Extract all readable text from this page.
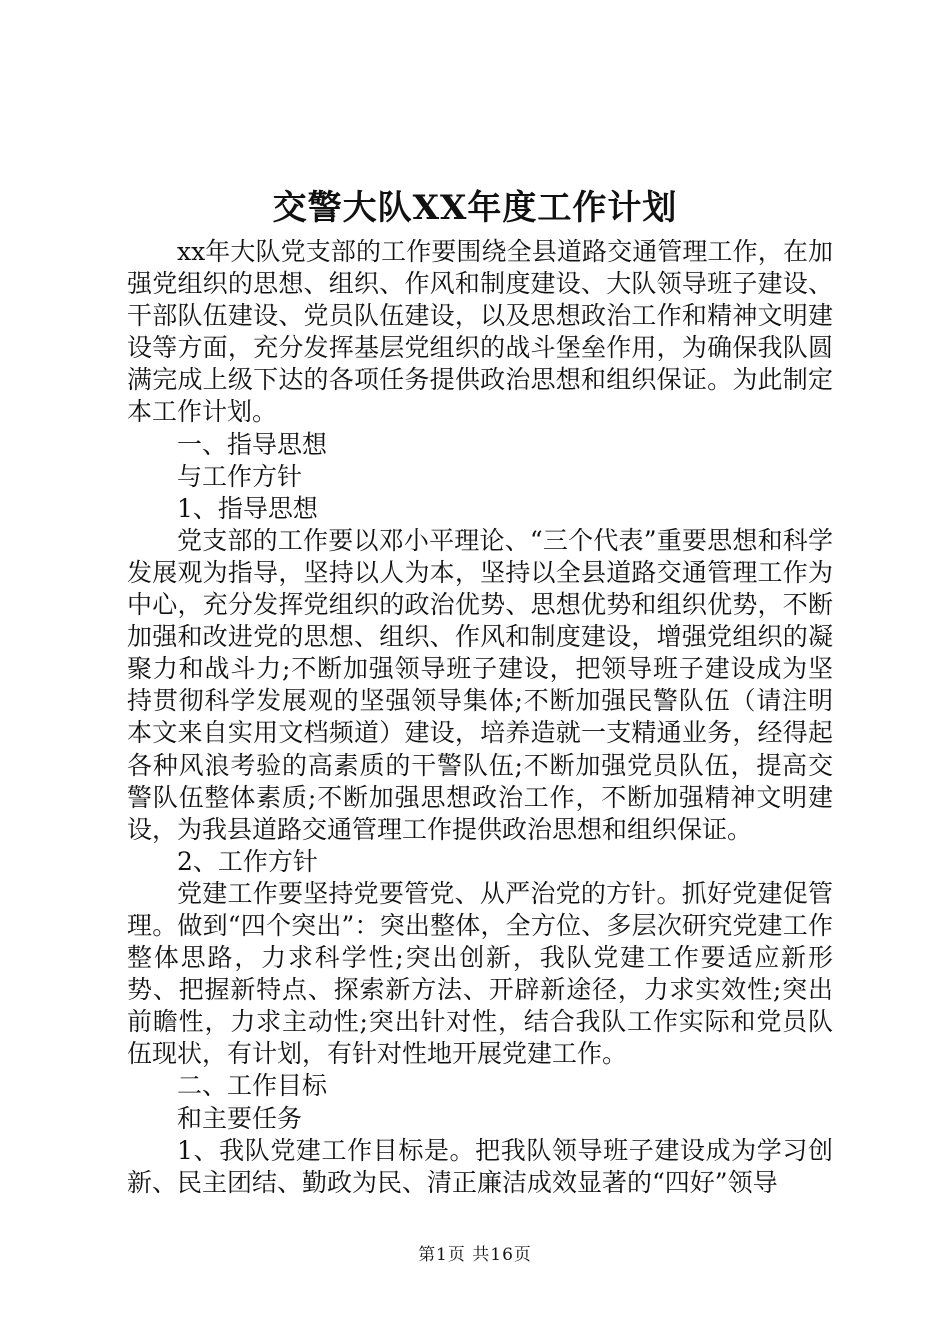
交警大队XX年度工作计划

xx年大队党支部的工作要围绕全县道路交通管理工作，在加强党组织的思想、组织、作风和制度建设、大队领导班子建设、干部队伍建设、党员队伍建设，以及思想政治工作和精神文明建设等方面，充分发挥基层党组织的战斗堡垒作用，为确保我队圆满完成上级下达的各项任务提供政治思想和组织保证。为此制定本工作计划。

一、指导思想

与工作方针

1、指导思想

党支部的工作要以邓小平理论、“三个代表”重要思想和科学发展观为指导，坚持以人为本，坚持以全县道路交通管理工作为中心，充分发挥党组织的政治优势、思想优势和组织优势，不断加强和改进党的思想、组织、作风和制度建设，增强党组织的凝聚力和战斗力;不断加强领导班子建设，把领导班子建设成为坚持贯彻科学发展观的坚强领导集体;不断加强民警队伍（请注明本文来自实用文档频道）建设，培养造就一支精通业务，经得起各种风浪考验的高素质的干警队伍;不断加强党员队伍，提高交警队伍整体素质;不断加强思想政治工作，不断加强精神文明建设，为我县道路交通管理工作提供政治思想和组织保证。

2、工作方针

党建工作要坚持党要管党、从严治党的方针。抓好党建促管理。做到“四个突出”：突出整体，全方位、多层次研究党建工作整体思路，力求科学性;突出创新，我队党建工作要适应新形势、把握新特点、探索新方法、开辟新途径，力求实效性;突出前瞻性，力求主动性;突出针对性，结合我队工作实际和党员队伍现状，有计划，有针对性地开展党建工作。

二、工作目标

和主要任务

1、我队党建工作目标是。把我队领导班子建设成为学习创新、民主团结、勤政为民、清正廉洁成效显著的“四好”领导

第1页 共16页
